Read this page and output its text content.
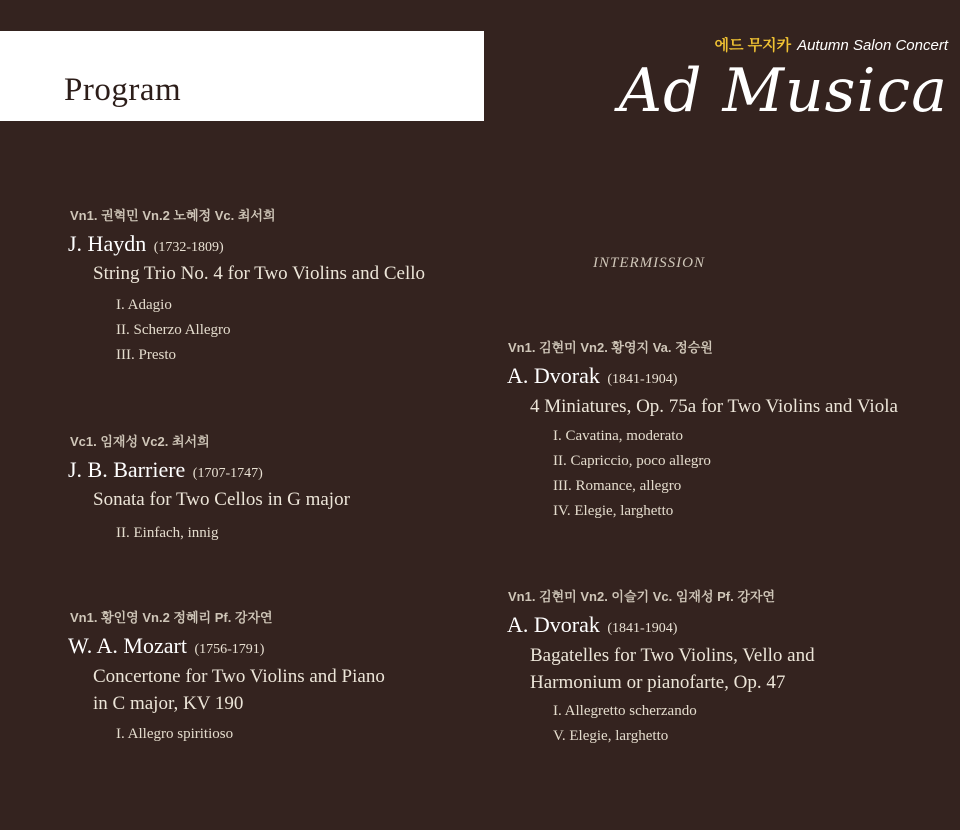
Program
에드 무지카 Autumn Salon Concert
Ad Musica
Vn1. 권혁민 Vn.2 노혜정 Vc. 최서희
J. Haydn (1732-1809)
String Trio No. 4 for Two Violins and Cello
I. Adagio
II. Scherzo Allegro
III. Presto
Vc1. 임재성 Vc2. 최서희
J. B. Barriere (1707-1747)
Sonata for Two Cellos in G major
II. Einfach, innig
Vn1. 황인영 Vn.2 정혜리 Pf. 강자연
W. A. Mozart (1756-1791)
Concertone for Two Violins and Piano
in C major, KV 190
I. Allegro spiritioso
INTERMISSION
Vn1. 김현미 Vn2. 황영지 Va. 정승원
A. Dvorak (1841-1904)
4 Miniatures, Op. 75a for Two Violins and Viola
I. Cavatina, moderato
II. Capriccio, poco allegro
III. Romance, allegro
IV. Elegie, larghetto
Vn1. 김현미 Vn2. 이슬기 Vc. 임재성 Pf. 강자연
A. Dvorak (1841-1904)
Bagatelles for Two Violins, Vello and
Harmonium or pianofarte, Op. 47
I. Allegretto scherzando
V. Elegie, larghetto
